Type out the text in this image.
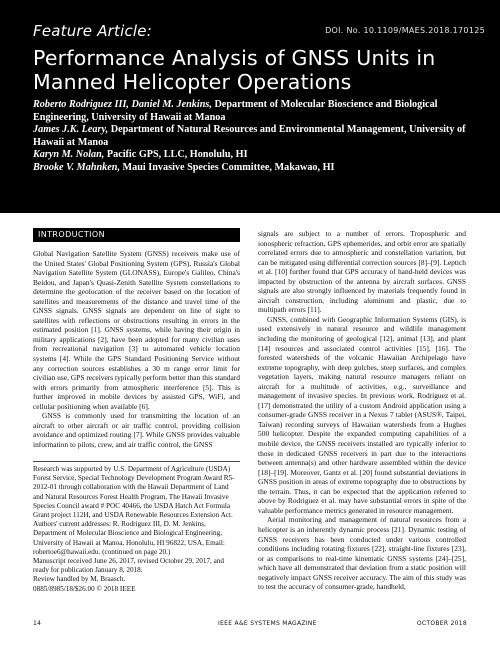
Feature Article:	DOI. No. 10.1109/MAES.2018.170125
Performance Analysis of GNSS Units in Manned Helicopter Operations

Roberto Rodriguez III, Daniel M. Jenkins, Department of Molecular Bioscience and Biological Engineering, University of Hawaii at Manoa

James J.K. Leary, Department of Natural Resources and Environmental Management, University of Hawaii at Manoa

Karyn M. Nolan, Pacific GPS, LLC, Honolulu, HI

Brooke V. Mahnken, Maui Invasive Species Committee, Makawao, HI

INTRODUCTION

Global Navigation Satellite System (GNSS) receivers make use of the United States' Global Positioning System (GPS), Russia's Global Navigation Satellite System (GLONASS), Europe's Galileo, China's Beidou, and Japan's Quasi-Zenith Satellite System constellations to determine the geolocation of the receiver based on the location of satellites and measurements of the distance and travel time of the GNSS signals. GNSS signals are dependent on line of sight to satellites with reflections or obstructions resulting in errors in the estimated position [1]. GNSS systems, while having their origin in military applications [2], have been adopted for many civilian uses from recreational navigation [3] to automated vehicle location systems [4]. While the GPS Standard Positioning Service without any correction sources establishes a 30 m range error limit for civilian use, GPS receivers typically perform better than this standard with errors primarily from atmospheric interference [5]. This is further improved in mobile devices by assisted GPS, WiFi, and cellular positioning when available [6].

GNSS is commonly used for transmitting the location of an aircraft to other aircraft or air traffic control, providing collision avoidance and optimized routing [7]. While GNSS provides valuable information to pilots, crew, and air traffic control, the GNSS

Research was supported by U.S. Department of Agriculture (USDA) Forest Service, Special Technology Development Program Award R5-2012-01 through collaboration with the Hawaii Department of Land and Natural Resources Forest Health Program, The Hawaii Invasive Species Council award # POC 40466, the USDA Hatch Act Formula Grant project 112H, and USDA Renewable Resources Extension Act. Authors' current addresses: R. Rodriguez III, D. M. Jenkins, Department of Molecular Bioscience and Biological Engineering, University of Hawaii at Manoa, Honolulu, HI 96822, USA, Email: robertoe6@hawaii.edu. (continued on page 20.)

Manuscript received June 26, 2017, revised October 29, 2017, and ready for publication January 8, 2018.

Review handled by M. Braasch.

0885/8985/18/$26.00 © 2018 IEEE

signals are subject to a number of errors. Tropospheric and ionospheric refraction, GPS ephemerides, and orbit error are spatially correlated errors due to atmospheric and constellation variation, but can be mitigated using differential correction sources [8]–[9]. Leptich et al. [10] further found that GPS accuracy of hand-held devices was impacted by obstruction of the antenna by aircraft surfaces. GNSS signals are also strongly influenced by materials frequently found in aircraft construction, including aluminum and plastic, due to multipath errors [11].

GNSS, combined with Geographic Information Systems (GIS), is used extensively in natural resource and wildlife management including the monitoring of geological [12], animal [13], and plant [14] resources and associated control activities [15], [16]. The forested watersheds of the volcanic Hawaiian Archipelago have extreme topography, with deep gulches, steep surfaces, and complex vegetation layers, making natural resource managers reliant on aircraft for a multitude of activities, e.g., surveillance and management of invasive species. In previous work, Rodriguez et al. [17] demonstrated the utility of a custom Android application using a consumer-grade GNSS receiver in a Nexus 7 tablet (ASUS®, Taipei, Taiwan) recording surveys of Hawaiian watersheds from a Hughes 500 helicopter. Despite the expanded computing capabilities of a mobile device, the GNSS receivers installed are typically inferior to those in dedicated GNSS receivers in part due to the interactions between antenna(s) and other hardware assembled within the device [18]–[19]. Moreover, Gantz et al. [20] found substantial deviations in GNSS position in areas of extreme topography due to obstructions by the terrain. Thus, it can be expected that the application referred to above by Rodriguez et al. may have substantial errors in spite of the valuable performance metrics generated in resource management.

Aerial monitoring and management of natural resources from a helicopter is an inherently dynamic process [21]. Dynamic testing of GNSS receivers has been conducted under various controlled conditions including rotating fixtures [22], straight-line fixtures [23], or as comparisons to real-time kinematic GNSS systems [24]–[25], which have all demonstrated that deviation from a static position will negatively impact GNSS receiver accuracy. The aim of this study was to test the accuracy of consumer-grade, handheld,

14	IEEE A&E SYSTEMS MAGAZINE	OCTOBER 2018
